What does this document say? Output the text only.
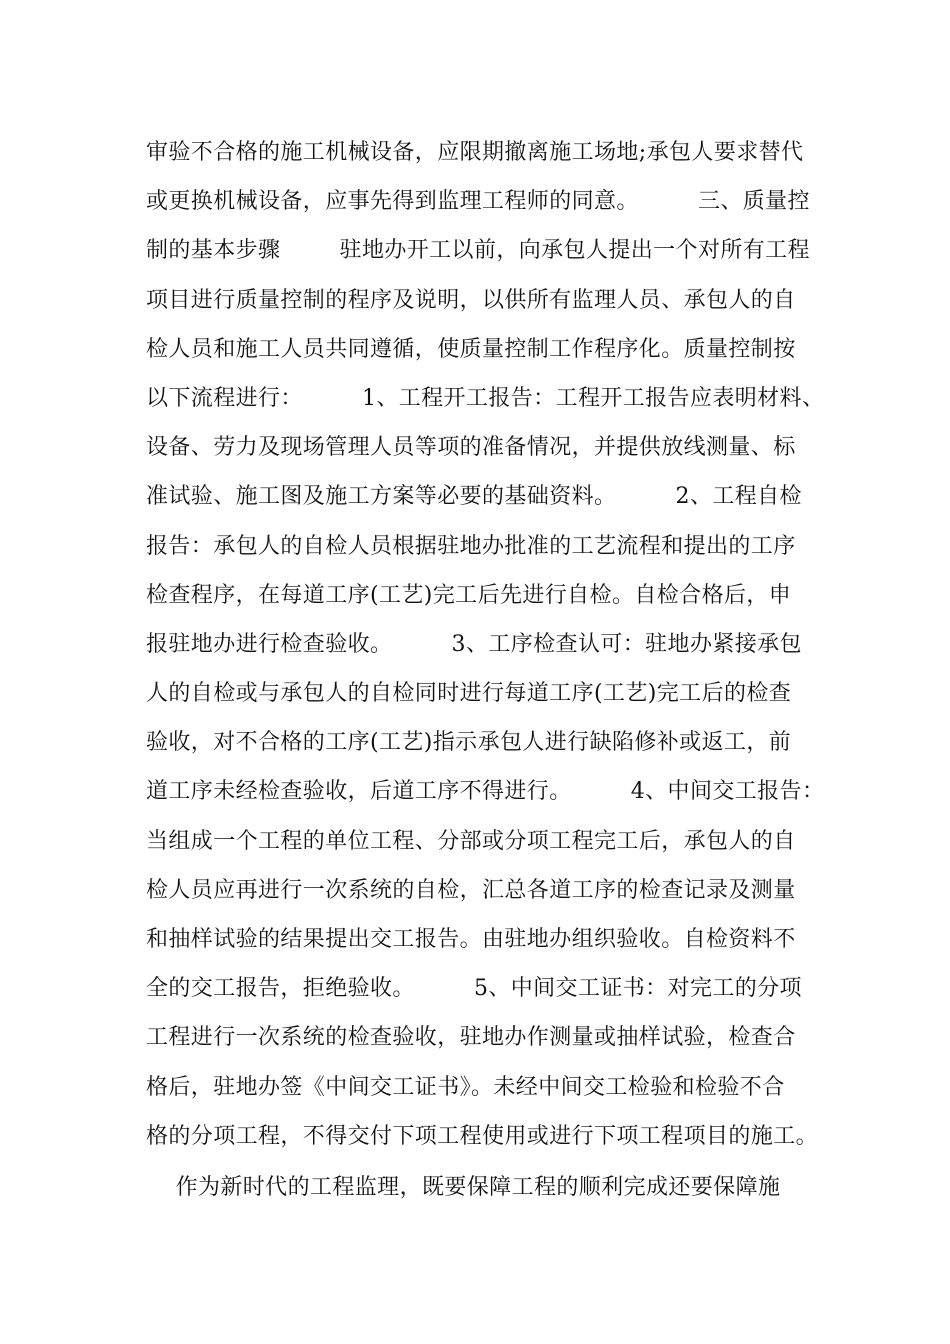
审验不合格的施工机械设备，应限期撤离施工场地;承包人要求替代
或更换机械设备，应事先得到监理工程师的同意。        三、质量控
制的基本步骤        驻地办开工以前，向承包人提出一个对所有工程
项目进行质量控制的程序及说明，以供所有监理人员、承包人的自
检人员和施工人员共同遵循，使质量控制工作程序化。质量控制按
以下流程进行：        1、工程开工报告：工程开工报告应表明材料、
设备、劳力及现场管理人员等项的准备情况，并提供放线测量、标
准试验、施工图及施工方案等必要的基础资料。        2、工程自检
报告：承包人的自检人员根据驻地办批准的工艺流程和提出的工序
检查程序，在每道工序(工艺)完工后先进行自检。自检合格后，申
报驻地办进行检查验收。        3、工序检查认可：驻地办紧接承包
人的自检或与承包人的自检同时进行每道工序(工艺)完工后的检查
验收，对不合格的工序(工艺)指示承包人进行缺陷修补或返工，前
道工序未经检查验收，后道工序不得进行。        4、中间交工报告：
当组成一个工程的单位工程、分部或分项工程完工后，承包人的自
检人员应再进行一次系统的自检，汇总各道工序的检查记录及测量
和抽样试验的结果提出交工报告。由驻地办组织验收。自检资料不
全的交工报告，拒绝验收。        5、中间交工证书：对完工的分项
工程进行一次系统的检查验收，驻地办作测量或抽样试验，检查合
格后，驻地办签《中间交工证书》。未经中间交工检验和检验不合
格的分项工程，不得交付下项工程使用或进行下项工程项目的施工。
作为新时代的工程监理，既要保障工程的顺利完成还要保障施
